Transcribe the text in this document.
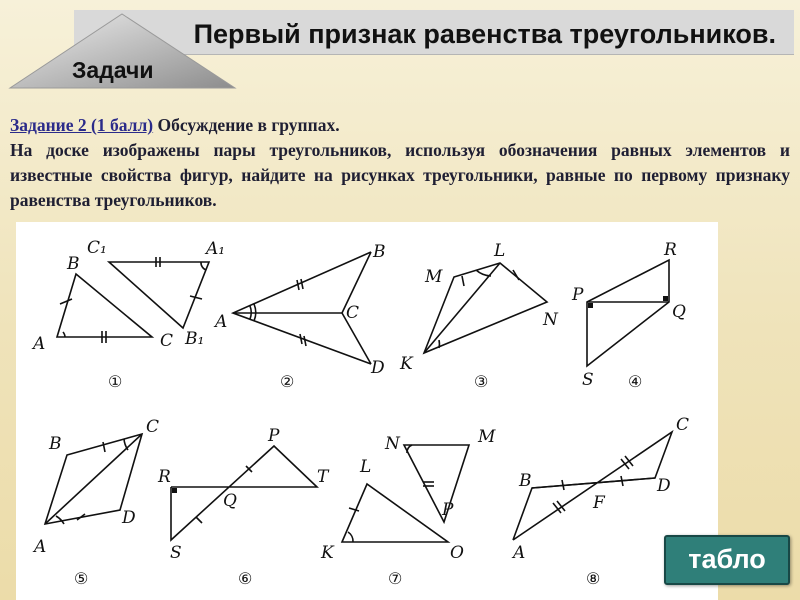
Первый признак равенства треугольников.
Задачи
Задание 2 (1 балл) Обсуждение в группах.
На доске изображены пары треугольников, используя обозначения равных элементов и известные свойства фигур, найдите на рисунках треугольники, равные по первому признаку равенства треугольников.
B
C₁	A₁
A	C B₁
B
A	C
D
L
M
N
K
R
P
Q
S
B
C
D
A
P
R	T
Q
S
N	M
L
P
K	O
C
B	D
F
A
①	②	③	④
⑤	⑥	⑦	⑧
табло
